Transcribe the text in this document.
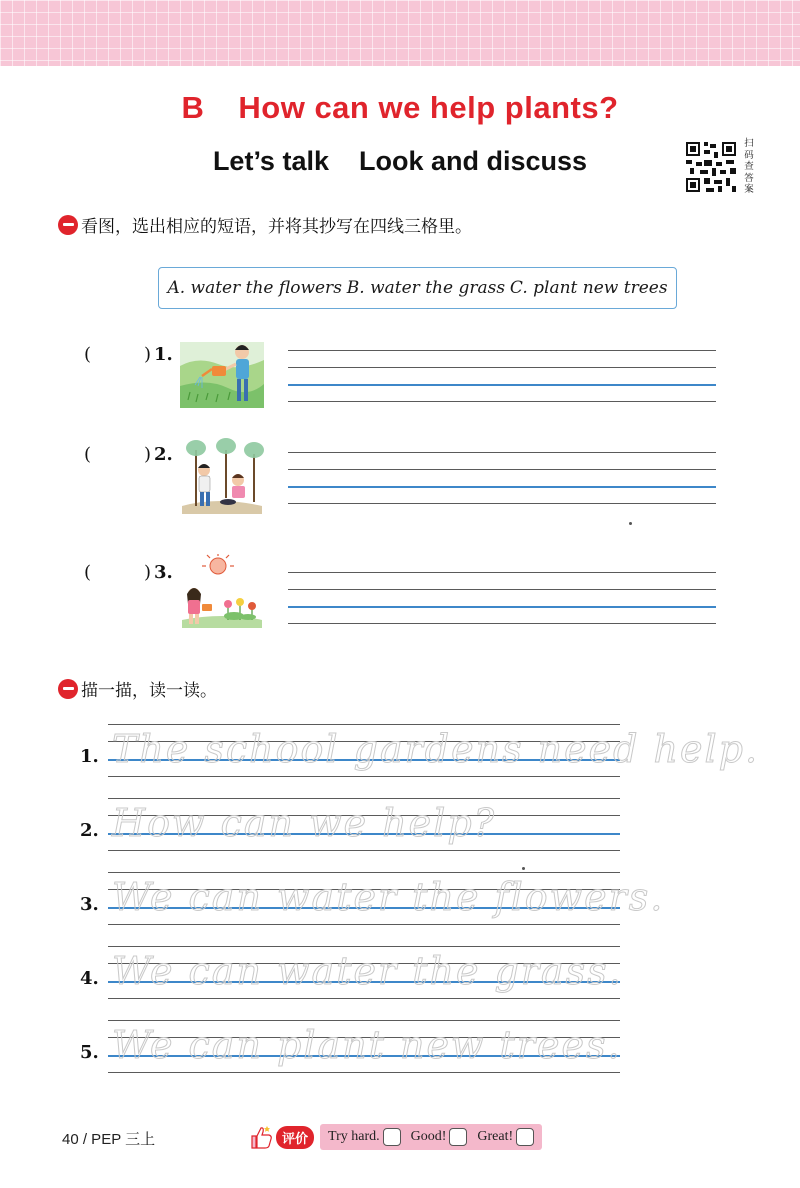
B How can we help plants?
Let’s talk Look and discuss
扫码查答案
看图，选出相应的短语，并将其抄写在四线三格里。
A. water the flowers B. water the grass C. plant new trees
(	) 1.
(	) 2.
(	) 3.
描一描，读一读。
1. The school gardens need help.
2. How can we help?
3. We can water the flowers.
4. We can water the grass.
5. We can plant new trees.
40 / PEP 三上	评价	Try hard. Good! Great!
